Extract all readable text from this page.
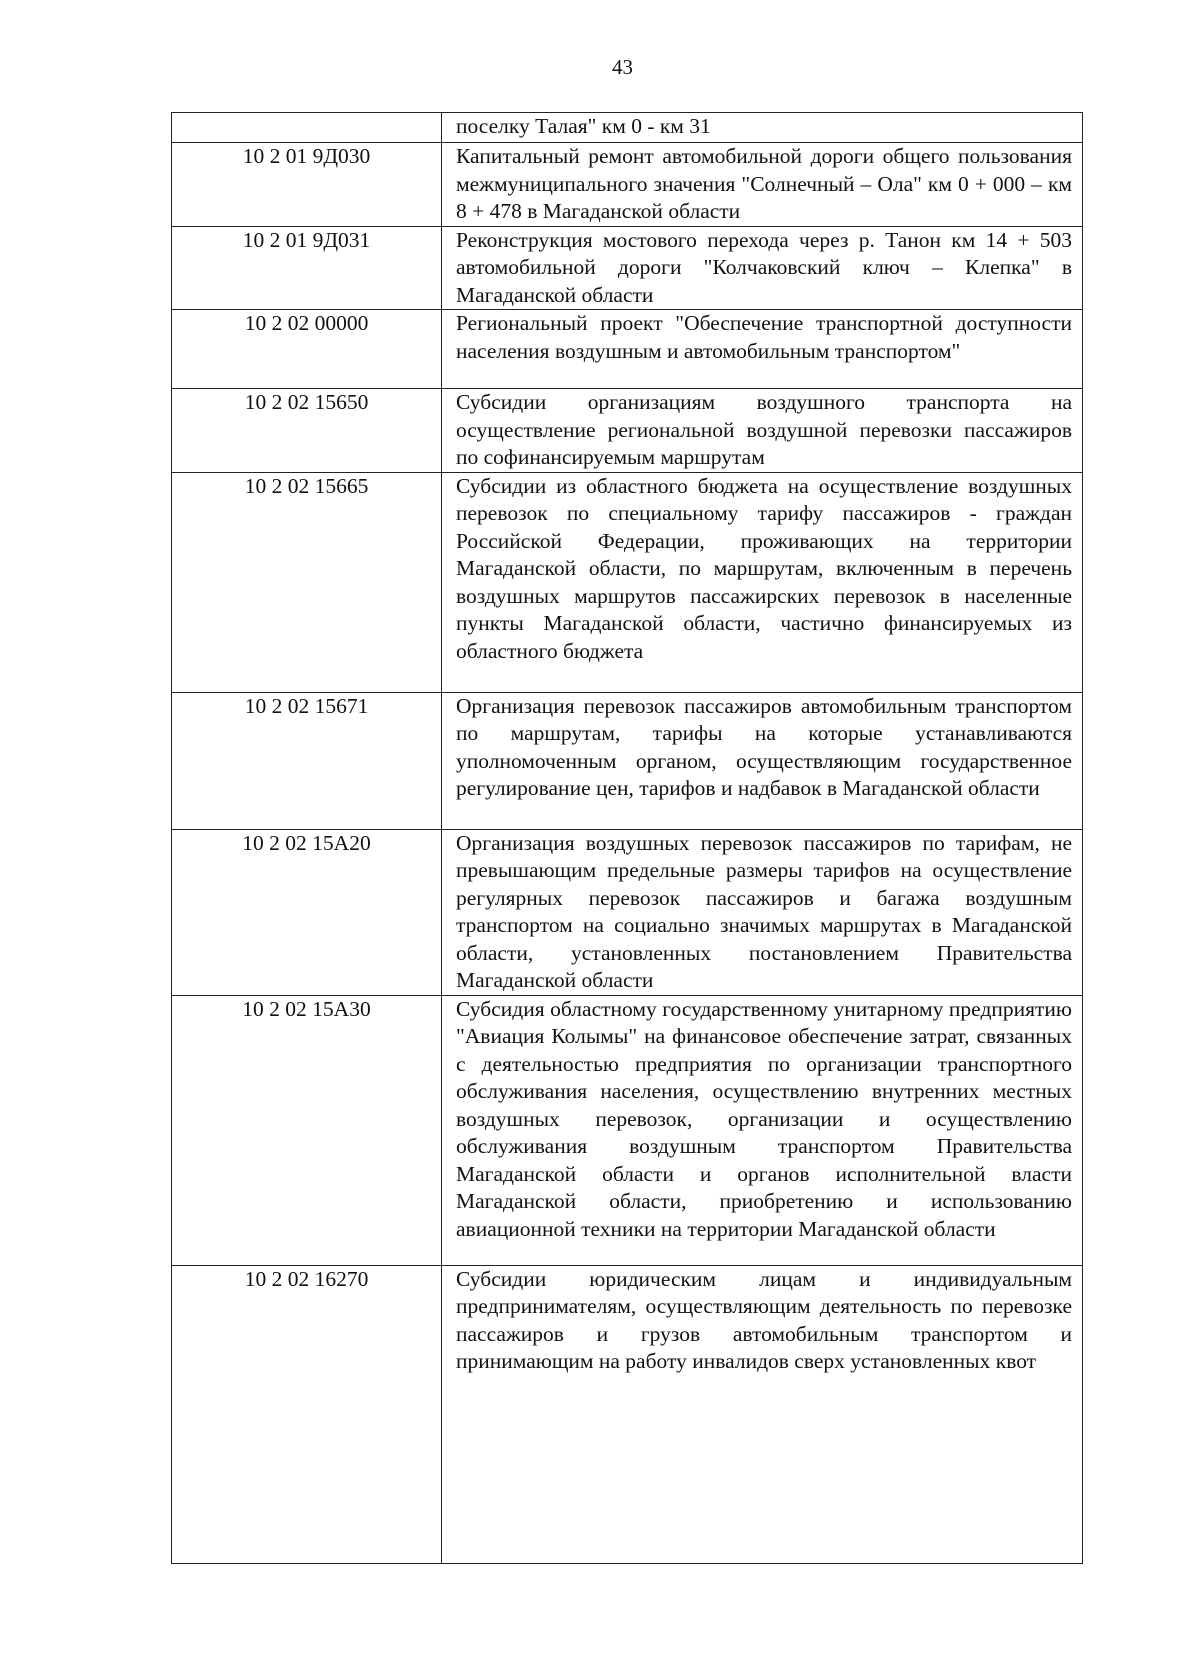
43
	поселку Талая" км 0 - км 31
10 2 01 9Д030	Капитальный ремонт автомобильной дороги общего пользования межмуниципального значения "Солнечный – Ола" км 0 + 000 – км 8 + 478 в Магаданской области
10 2 01 9Д031	Реконструкция мостового перехода через р. Танон км 14 + 503 автомобильной дороги "Колчаковский ключ – Клепка" в Магаданской области
10 2 02 00000	Региональный проект "Обеспечение транспортной доступности населения воздушным и автомобильным транспортом"
10 2 02 15650	Субсидии организациям воздушного транспорта на осуществление региональной воздушной перевозки пассажиров по софинансируемым маршрутам
10 2 02 15665	Субсидии из областного бюджета на осуществление воздушных перевозок по специальному тарифу пассажиров - граждан Российской Федерации, проживающих на территории Магаданской области, по маршрутам, включенным в перечень воздушных маршрутов пассажирских перевозок в населенные пункты Магаданской области, частично финансируемых из областного бюджета
10 2 02 15671	Организация перевозок пассажиров автомобильным транспортом по маршрутам, тарифы на которые устанавливаются уполномоченным органом, осуществляющим государственное регулирование цен, тарифов и надбавок в Магаданской области
10 2 02 15А20	Организация воздушных перевозок пассажиров по тарифам, не превышающим предельные размеры тарифов на осуществление регулярных перевозок пассажиров и багажа воздушным транспортом на социально значимых маршрутах в Магаданской области, установленных постановлением Правительства Магаданской области
10 2 02 15А30	Субсидия областному государственному унитарному предприятию "Авиация Колымы" на финансовое обеспечение затрат, связанных с деятельностью предприятия по организации транспортного обслуживания населения, осуществлению внутренних местных воздушных перевозок, организации и осуществлению обслуживания воздушным транспортом Правительства Магаданской области и органов исполнительной власти Магаданской области, приобретению и использованию авиационной техники на территории Магаданской области
10 2 02 16270	Субсидии юридическим лицам и индивидуальным предпринимателям, осуществляющим деятельность по перевозке пассажиров и грузов автомобильным транспортом и принимающим на работу инвалидов сверх установленных квот
